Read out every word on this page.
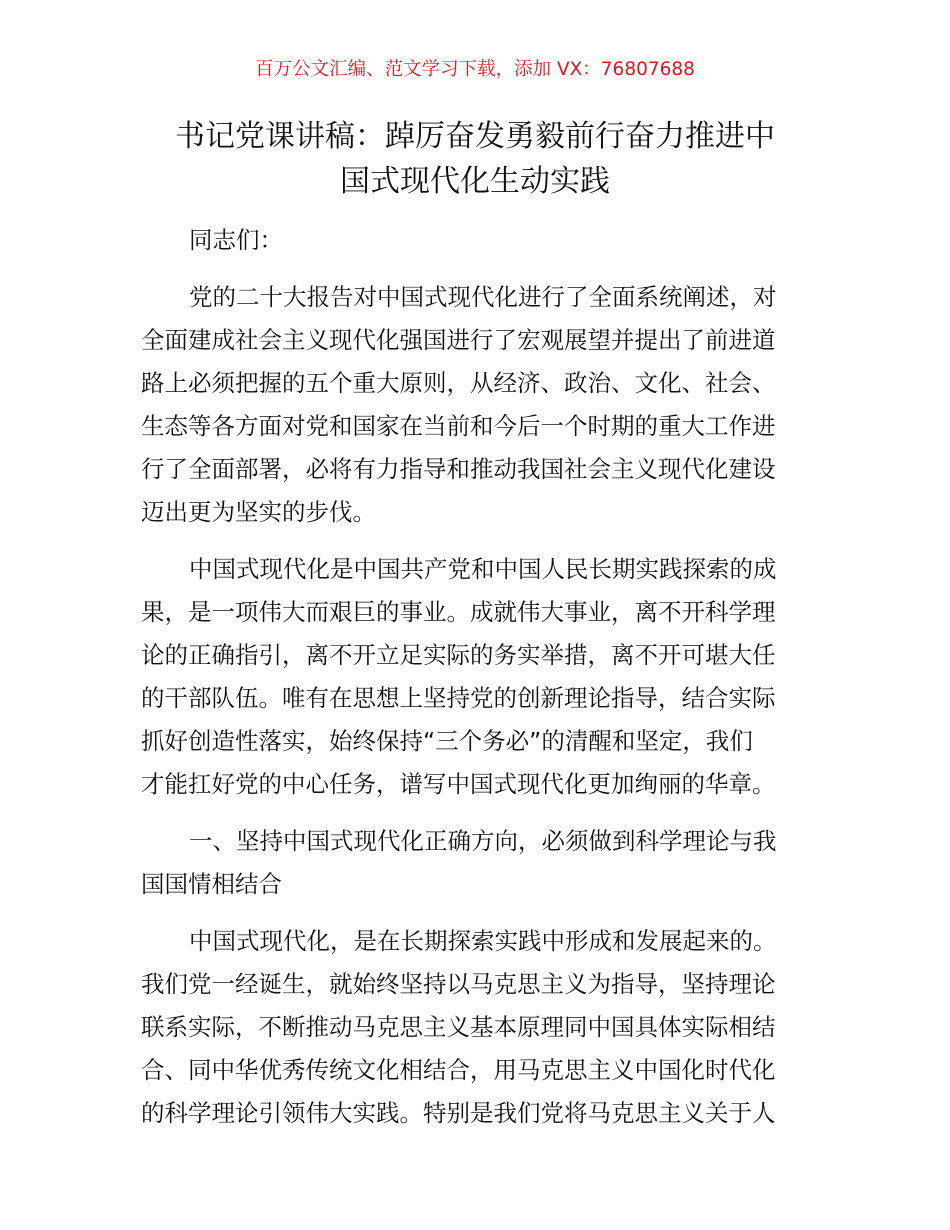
百万公文汇编、范文学习下载，添加 VX：76807688
书记党课讲稿：踔厉奋发勇毅前行奋力推进中
国式现代化生动实践
同志们：
党的二十大报告对中国式现代化进行了全面系统阐述，对
全面建成社会主义现代化强国进行了宏观展望并提出了前进道
路上必须把握的五个重大原则，从经济、政治、文化、社会、
生态等各方面对党和国家在当前和今后一个时期的重大工作进
行了全面部署，必将有力指导和推动我国社会主义现代化建设
迈出更为坚实的步伐。
中国式现代化是中国共产党和中国人民长期实践探索的成
果，是一项伟大而艰巨的事业。成就伟大事业，离不开科学理
论的正确指引，离不开立足实际的务实举措，离不开可堪大任
的干部队伍。唯有在思想上坚持党的创新理论指导，结合实际
抓好创造性落实，始终保持“三个务必”的清醒和坚定，我们
才能扛好党的中心任务，谱写中国式现代化更加绚丽的华章。
一、坚持中国式现代化正确方向，必须做到科学理论与我
国国情相结合
中国式现代化，是在长期探索实践中形成和发展起来的。
我们党一经诞生，就始终坚持以马克思主义为指导，坚持理论
联系实际，不断推动马克思主义基本原理同中国具体实际相结
合、同中华优秀传统文化相结合，用马克思主义中国化时代化
的科学理论引领伟大实践。特别是我们党将马克思主义关于人
